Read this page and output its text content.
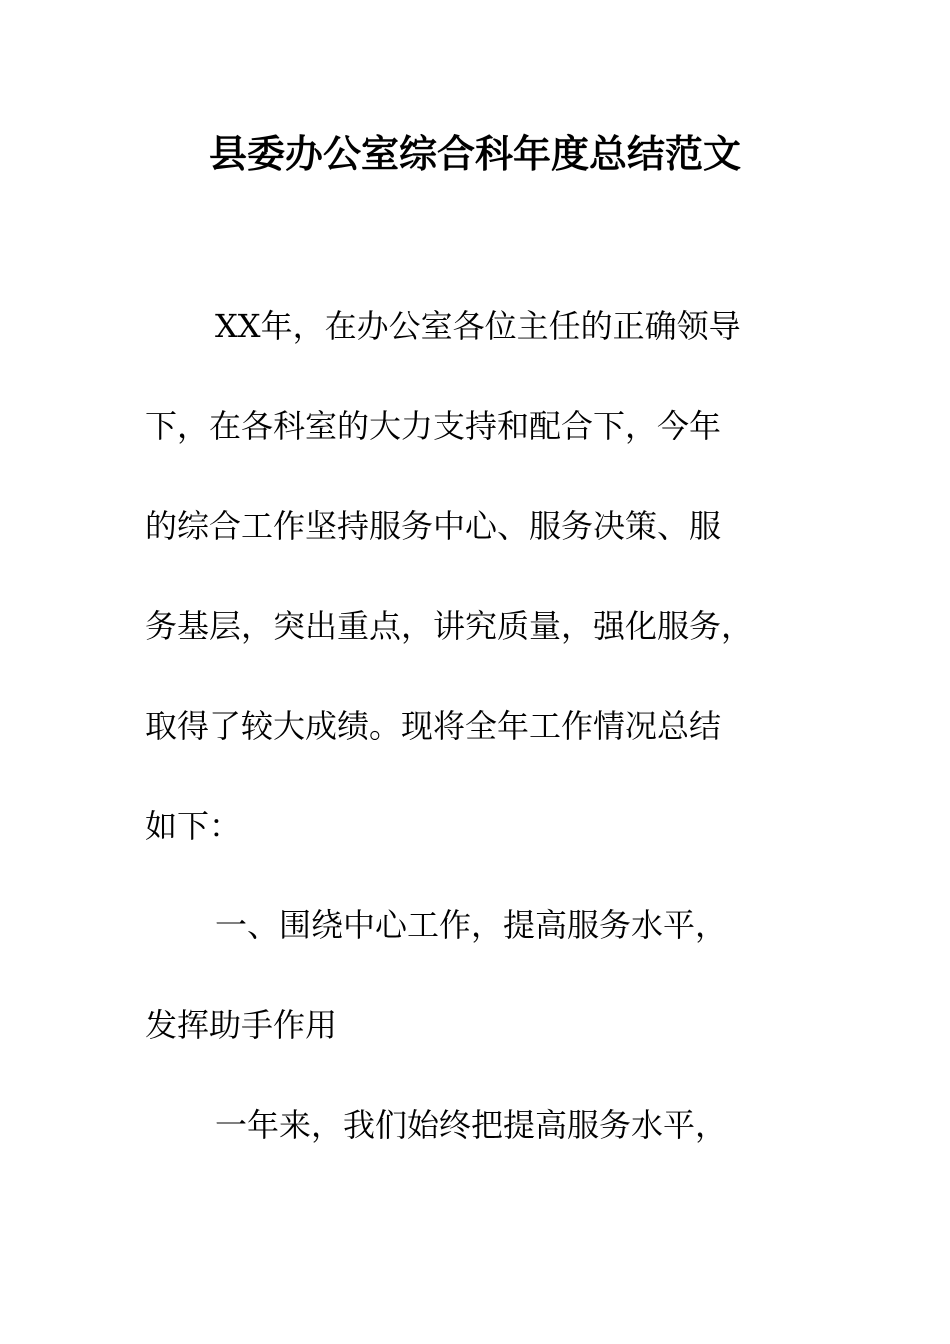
县委办公室综合科年度总结范文

XX年，在办公室各位主任的正确领导

下，在各科室的大力支持和配合下，今年

的综合工作坚持服务中心、服务决策、服

务基层，突出重点，讲究质量，强化服务，

取得了较大成绩。现将全年工作情况总结

如下：

一、围绕中心工作，提高服务水平，

发挥助手作用

一年来，我们始终把提高服务水平，
